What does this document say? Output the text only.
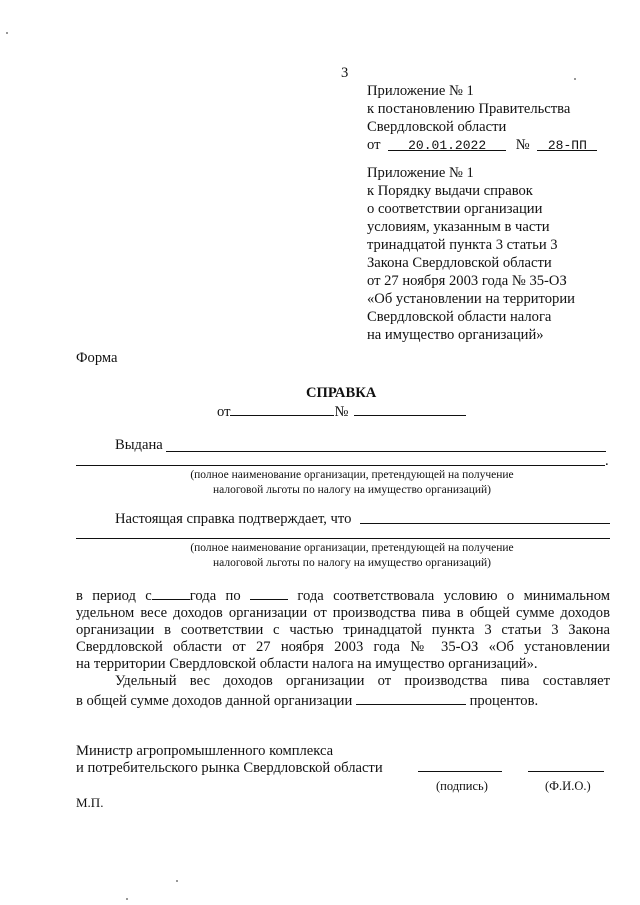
3
Приложение № 1
к постановлению Правительства
Свердловской области
от 20.01.2022 № 28-ПП
Приложение № 1
к Порядку выдачи справок
о соответствии организации
условиям, указанным в части
тринадцатой пункта 3 статьи 3
Закона Свердловской области
от 27 ноября 2003 года № 35-ОЗ
«Об установлении на территории
Свердловской области налога
на имущество организаций»
Форма
СПРАВКА
от	№
Выдана
.
(полное наименование организации, претендующей на получение
налоговой льготы по налогу на имущество организаций)
Настоящая справка подтверждает, что
(полное наименование организации, претендующей на получение
налоговой льготы по налогу на имущество организаций)
в период с	года по	года соответствовала условию о минимальном
удельном весе доходов организации от производства пива в общей сумме доходов
организации в соответствии с частью тринадцатой пункта 3 статьи 3 Закона
Свердловской области от 27 ноября 2003 года № 35-ОЗ «Об установлении
на территории Свердловской области налога на имущество организаций».
Удельный вес доходов организации от производства пива составляет
в общей сумме доходов данной организации	процентов.
Министр агропромышленного комплекса
и потребительского рынка Свердловской области
(подпись)	(Ф.И.О.)
М.П.
